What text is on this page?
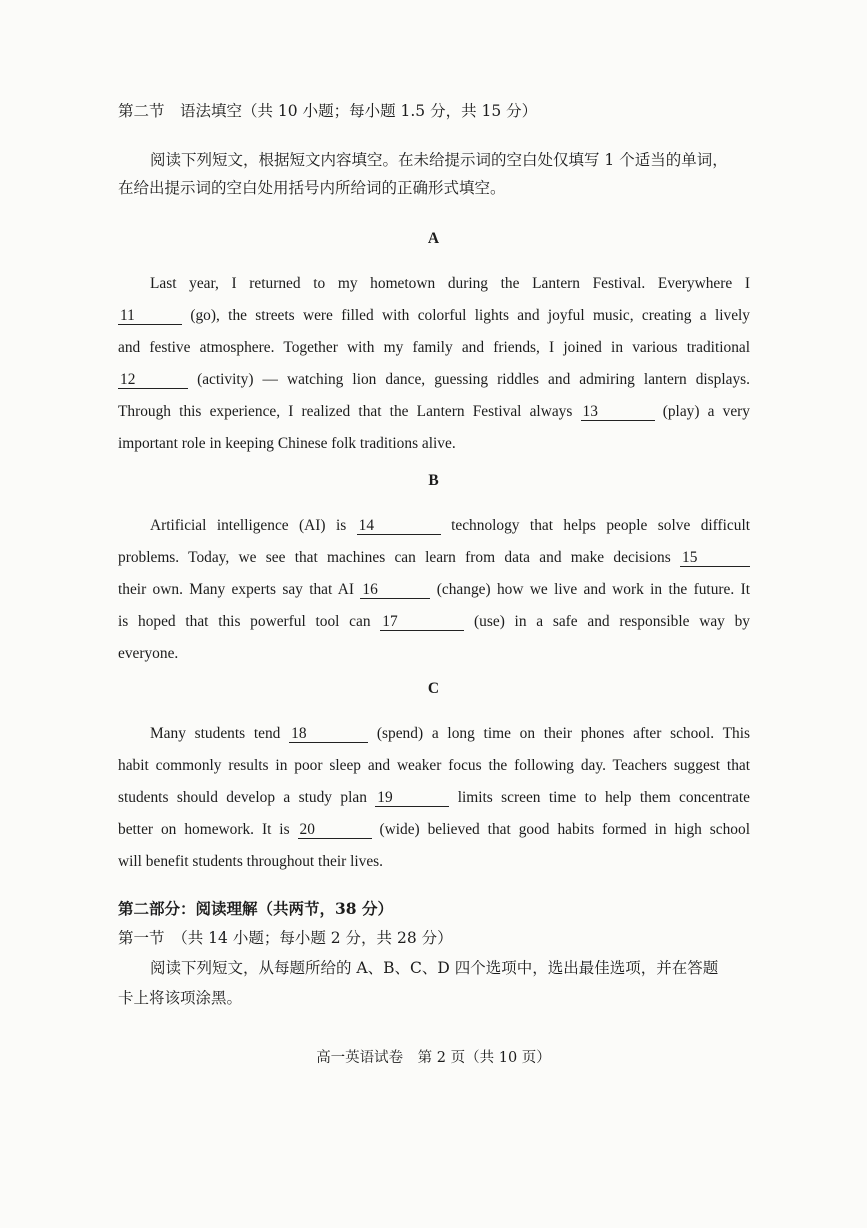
第二节　语法填空（共 10 小题；每小题 1.5 分，共 15 分）

阅读下列短文，根据短文内容填空。在未给提示词的空白处仅填写 1 个适当的单词，

在给出提示词的空白处用括号内所给词的正确形式填空。

A

Last year, I returned to my hometown during the Lantern Festival. Everywhere I
11	(go), the streets were filled with colorful lights and joyful music, creating a lively
and festive atmosphere. Together with my family and friends, I joined in various traditional
12	(activity) — watching lion dance, guessing riddles and admiring lantern displays.
Through this experience, I realized that the Lantern Festival always 13	(play) a very

important role in keeping Chinese folk traditions alive.

B

Artificial intelligence (AI) is 14	technology that helps people solve difficult
problems. Today, we see that machines can learn from data and make decisions 15
their own. Many experts say that AI 16	(change) how we live and work in the future. It
is hoped that this powerful tool can 17	(use) in a safe and responsible way by

everyone.

C

Many students tend 18	(spend) a long time on their phones after school. This
habit commonly results in poor sleep and weaker focus the following day. Teachers suggest that
students should develop a study plan 19	limits screen time to help them concentrate
better on homework. It is 20	(wide) believed that good habits formed in high school

will benefit students throughout their lives.

第二部分：阅读理解（共两节，38 分）

第一节　（共 14 小题；每小题 2 分，共 28 分）

阅读下列短文，从每题所给的 A、B、C、D 四个选项中，选出最佳选项，并在答题

卡上将该项涂黑。

高一英语试卷　第 2 页（共 10 页）
